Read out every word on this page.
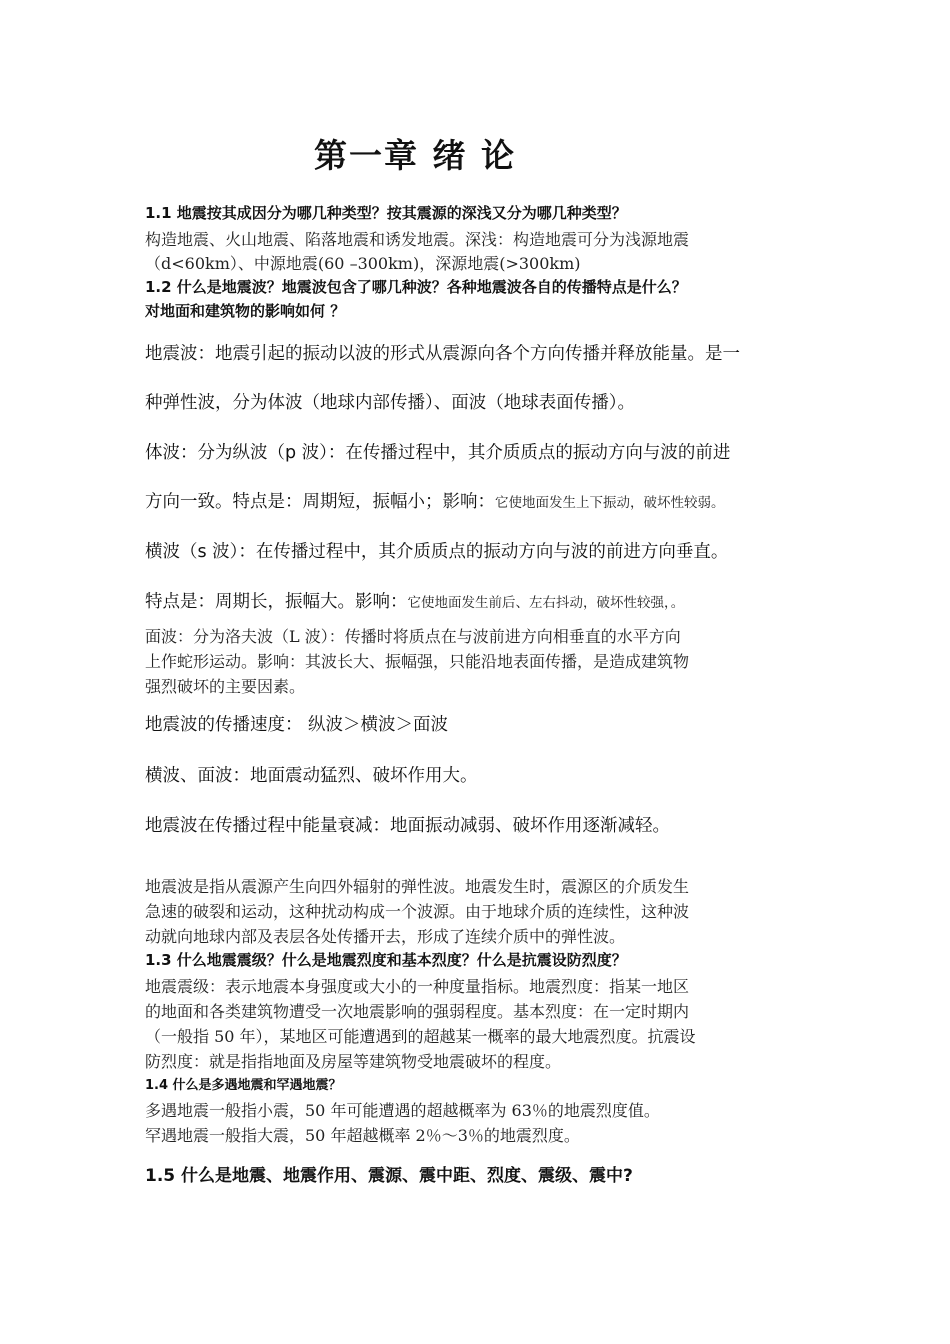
第一章 绪 论
1.1 地震按其成因分为哪几种类型？按其震源的深浅又分为哪几种类型？
构造地震、火山地震、陷落地震和诱发地震。深浅：构造地震可分为浅源地震
（d<60km）、中源地震(60 –300km)，深源地震(>300km)
1.2 什么是地震波？地震波包含了哪几种波？各种地震波各自的传播特点是什么？
对地面和建筑物的影响如何 ？
地震波：地震引起的振动以波的形式从震源向各个方向传播并释放能量。是一
种弹性波，分为体波（地球内部传播）、面波（地球表面传播）。
体波：分为纵波（p 波）：在传播过程中，其介质质点的振动方向与波的前进
方向一致。特点是：周期短，振幅小；影响：它使地面发生上下振动，破坏性较弱。
横波（s 波）：在传播过程中，其介质质点的振动方向与波的前进方向垂直。
特点是：周期长，振幅大。影响：它使地面发生前后、左右抖动，破坏性较强，。
面波：分为洛夫波（L 波）：传播时将质点在与波前进方向相垂直的水平方向
上作蛇形运动。影响：其波长大、振幅强，只能沿地表面传播，是造成建筑物
强烈破坏的主要因素。
地震波的传播速度： 纵波＞横波＞面波
横波、面波：地面震动猛烈、破坏作用大。
地震波在传播过程中能量衰减：地面振动减弱、破坏作用逐渐减轻。
地震波是指从震源产生向四外辐射的弹性波。地震发生时，震源区的介质发生
急速的破裂和运动，这种扰动构成一个波源。由于地球介质的连续性，这种波
动就向地球内部及表层各处传播开去，形成了连续介质中的弹性波。
1.3 什么地震震级？什么是地震烈度和基本烈度？什么是抗震设防烈度？
地震震级：表示地震本身强度或大小的一种度量指标。地震烈度：指某一地区
的地面和各类建筑物遭受一次地震影响的强弱程度。基本烈度：在一定时期内
（一般指 50 年），某地区可能遭遇到的超越某一概率的最大地震烈度。抗震设
防烈度：就是指指地面及房屋等建筑物受地震破坏的程度。
1.4 什么是多遇地震和罕遇地震？
多遇地震一般指小震，50 年可能遭遇的超越概率为 63％的地震烈度值。
罕遇地震一般指大震，50 年超越概率 2％～3％的地震烈度。
1.5 什么是地震、地震作用、震源、震中距、烈度、震级、震中?
